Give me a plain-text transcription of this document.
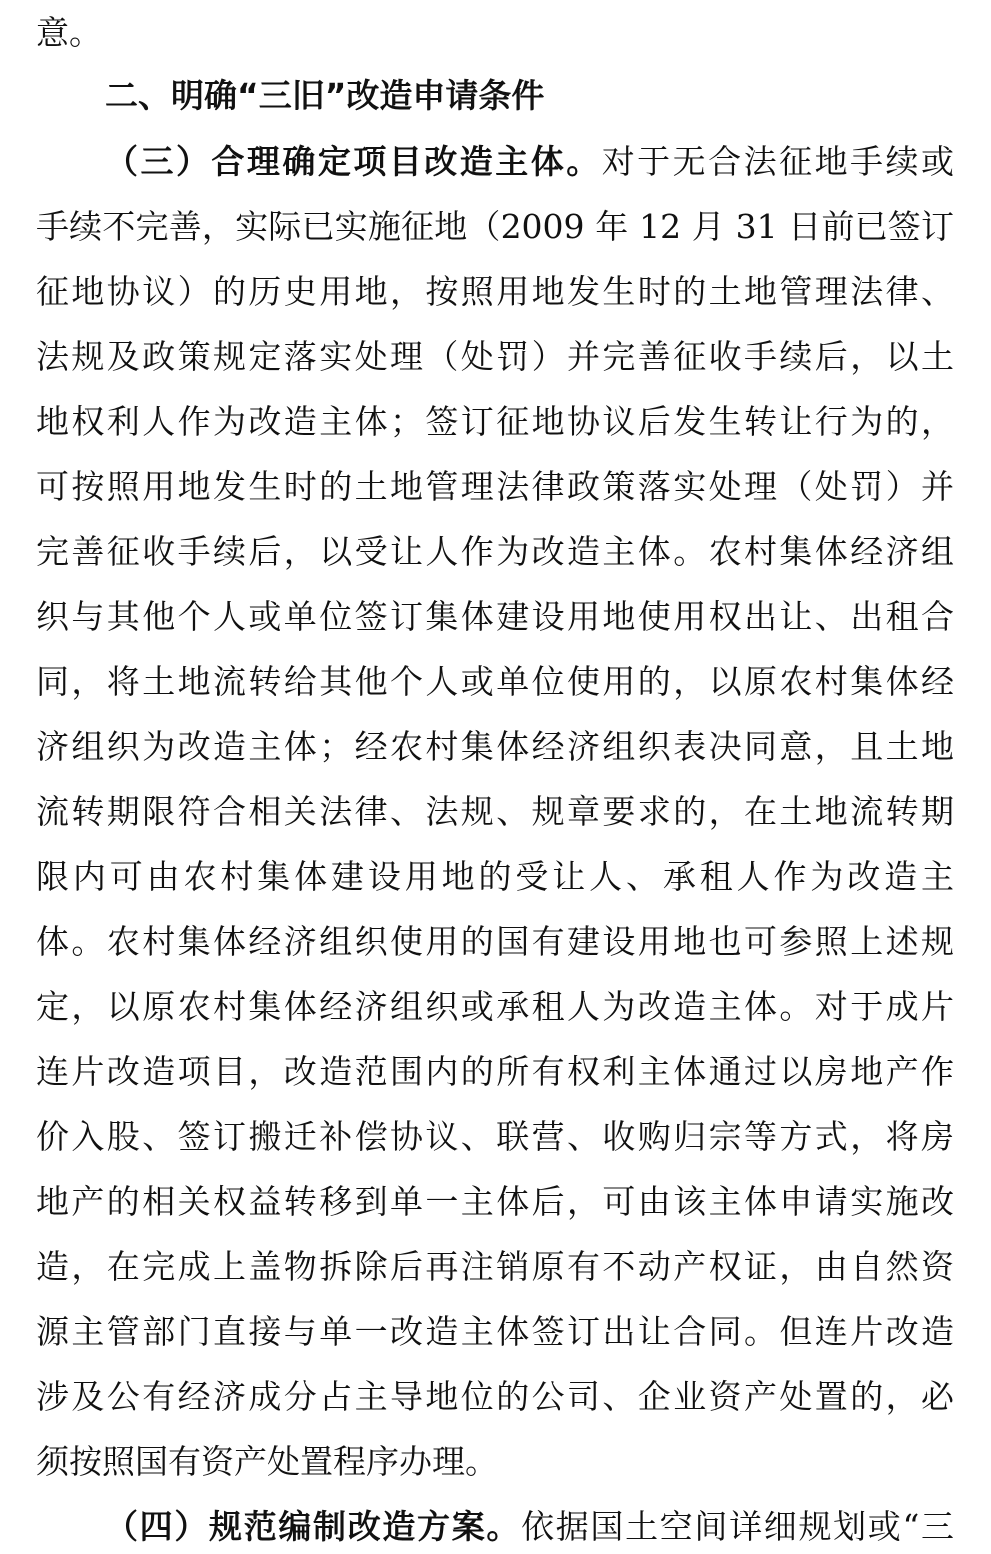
意。
二、明确“三旧”改造申请条件
（三）合理确定项目改造主体。对于无合法征地手续或
手续不完善，实际已实施征地（2009 年 12 月 31 日前已签订
征地协议）的历史用地，按照用地发生时的土地管理法律、
法规及政策规定落实处理（处罚）并完善征收手续后，以土
地权利人作为改造主体；签订征地协议后发生转让行为的，
可按照用地发生时的土地管理法律政策落实处理（处罚）并
完善征收手续后，以受让人作为改造主体。农村集体经济组
织与其他个人或单位签订集体建设用地使用权出让、出租合
同，将土地流转给其他个人或单位使用的，以原农村集体经
济组织为改造主体；经农村集体经济组织表决同意，且土地
流转期限符合相关法律、法规、规章要求的，在土地流转期
限内可由农村集体建设用地的受让人、承租人作为改造主
体。农村集体经济组织使用的国有建设用地也可参照上述规
定，以原农村集体经济组织或承租人为改造主体。对于成片
连片改造项目，改造范围内的所有权利主体通过以房地产作
价入股、签订搬迁补偿协议、联营、收购归宗等方式，将房
地产的相关权益转移到单一主体后，可由该主体申请实施改
造，在完成上盖物拆除后再注销原有不动产权证，由自然资
源主管部门直接与单一改造主体签订出让合同。但连片改造
涉及公有经济成分占主导地位的公司、企业资产处置的，必
须按照国有资产处置程序办理。
（四）规范编制改造方案。依据国土空间详细规划或“三
